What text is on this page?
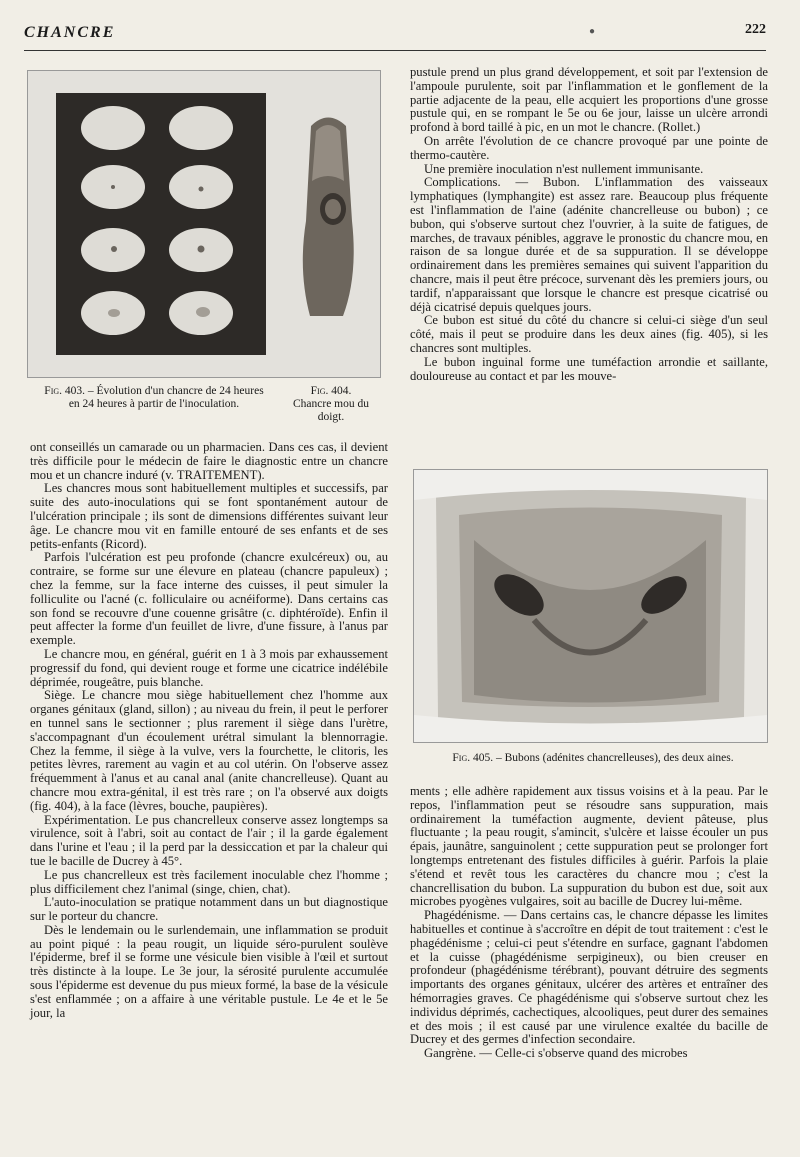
CHANCRE	●	222
Fig. 403. – Évolution d'un chancre de 24 heures en 24 heures à partir de l'inoculation.
Fig. 404.
Chancre mou du doigt.

ont conseillés un camarade ou un pharmacien. Dans ces cas, il devient très difficile pour le médecin de faire le diagnostic entre un chancre mou et un chancre induré (v. TRAITEMENT).

Les chancres mous sont habituellement multiples et successifs, par suite des auto-inoculations qui se font spontanément autour de l'ulcération principale ; ils sont de dimensions différentes suivant leur âge. Le chancre mou vit en famille entouré de ses enfants et de ses petits-enfants (Ricord).

Parfois l'ulcération est peu profonde (chancre exulcéreux) ou, au contraire, se forme sur une élevure en plateau (chancre papuleux) ; chez la femme, sur la face interne des cuisses, il peut simuler la folliculite ou l'acné (c. folliculaire ou acnéiforme). Dans certains cas son fond se recouvre d'une couenne grisâtre (c. diphtéroïde). Enfin il peut affecter la forme d'un feuillet de livre, d'une fissure, à l'anus par exemple.

Le chancre mou, en général, guérit en 1 à 3 mois par exhaussement progressif du fond, qui devient rouge et forme une cicatrice indélébile déprimée, rougeâtre, puis blanche.

Siège. Le chancre mou siège habituellement chez l'homme aux organes génitaux (gland, sillon) ; au niveau du frein, il peut le perforer en tunnel sans le sectionner ; plus rarement il siège dans l'urètre, s'accompagnant d'un écoulement urétral simulant la blennorragie. Chez la femme, il siège à la vulve, vers la fourchette, le clitoris, les petites lèvres, rarement au vagin et au col utérin. On l'observe assez fréquemment à l'anus et au canal anal (anite chancrelleuse). Quant au chancre mou extra-génital, il est très rare ; on l'a observé aux doigts (fig. 404), à la face (lèvres, bouche, paupières).

Expérimentation. Le pus chancrelleux conserve assez longtemps sa virulence, soit à l'abri, soit au contact de l'air ; il la garde également dans l'urine et l'eau ; il la perd par la dessiccation et par la chaleur qui tue le bacille de Ducrey à 45°.

Le pus chancrelleux est très facilement inoculable chez l'homme ; plus difficilement chez l'animal (singe, chien, chat).

L'auto-inoculation se pratique notamment dans un but diagnostique sur le porteur du chancre.

Dès le lendemain ou le surlendemain, une inflammation se produit au point piqué : la peau rougit, un liquide séro-purulent soulève l'épiderme, bref il se forme une vésicule bien visible à l'œil et surtout très distincte à la loupe. Le 3e jour, la sérosité purulente accumulée sous l'épiderme est devenue du pus mieux formé, la base de la vésicule s'est enflammée ; on a affaire à une véritable pustule. Le 4e et le 5e jour, la

pustule prend un plus grand développement, et soit par l'extension de l'ampoule purulente, soit par l'inflammation et le gonflement de la partie adjacente de la peau, elle acquiert les proportions d'une grosse pustule qui, en se rompant le 5e ou 6e jour, laisse un ulcère arrondi profond à bord taillé à pic, en un mot le chancre. (Rollet.)

On arrête l'évolution de ce chancre provoqué par une pointe de thermo-cautère.

Une première inoculation n'est nullement immunisante.

Complications. — Bubon. L'inflammation des vaisseaux lymphatiques (lymphangite) est assez rare. Beaucoup plus fréquente est l'inflammation de l'aine (adénite chancrelleuse ou bubon) ; ce bubon, qui s'observe surtout chez l'ouvrier, à la suite de fatigues, de marches, de travaux pénibles, aggrave le pronostic du chancre mou, en raison de sa longue durée et de sa suppuration. Il se développe ordinairement dans les premières semaines qui suivent l'apparition du chancre, mais il peut être précoce, survenant dès les premiers jours, ou tardif, n'apparaissant que lorsque le chancre est presque cicatrisé ou déjà cicatrisé depuis quelques jours.

Ce bubon est situé du côté du chancre si celui-ci siège d'un seul côté, mais il peut se produire dans les deux aines (fig. 405), si les chancres sont multiples.

Le bubon inguinal forme une tuméfaction arrondie et saillante, douloureuse au contact et par les mouve-

Fig. 405. – Bubons (adénites chancrelleuses), des deux aines.

ments ; elle adhère rapidement aux tissus voisins et à la peau. Par le repos, l'inflammation peut se résoudre sans suppuration, mais ordinairement la tuméfaction augmente, devient pâteuse, plus fluctuante ; la peau rougit, s'amincit, s'ulcère et laisse écouler un pus épais, jaunâtre, sanguinolent ; cette suppuration peut se prolonger fort longtemps entretenant des fistules difficiles à guérir. Parfois la plaie s'étend et revêt tous les caractères du chancre mou ; c'est la chancrellisation du bubon. La suppuration du bubon est due, soit aux microbes pyogènes vulgaires, soit au bacille de Ducrey lui-même.

Phagédénisme. — Dans certains cas, le chancre dépasse les limites habituelles et continue à s'accroître en dépit de tout traitement : c'est le phagédénisme ; celui-ci peut s'étendre en surface, gagnant l'abdomen et la cuisse (phagédénisme serpigineux), ou bien creuser en profondeur (phagédénisme térébrant), pouvant détruire des segments importants des organes génitaux, ulcérer des artères et entraîner des hémorragies graves. Ce phagédénisme qui s'observe surtout chez les individus déprimés, cachectiques, alcooliques, peut durer des semaines et des mois ; il est causé par une virulence exaltée du bacille de Ducrey et des germes d'infection secondaire.

Gangrène. — Celle-ci s'observe quand des microbes
